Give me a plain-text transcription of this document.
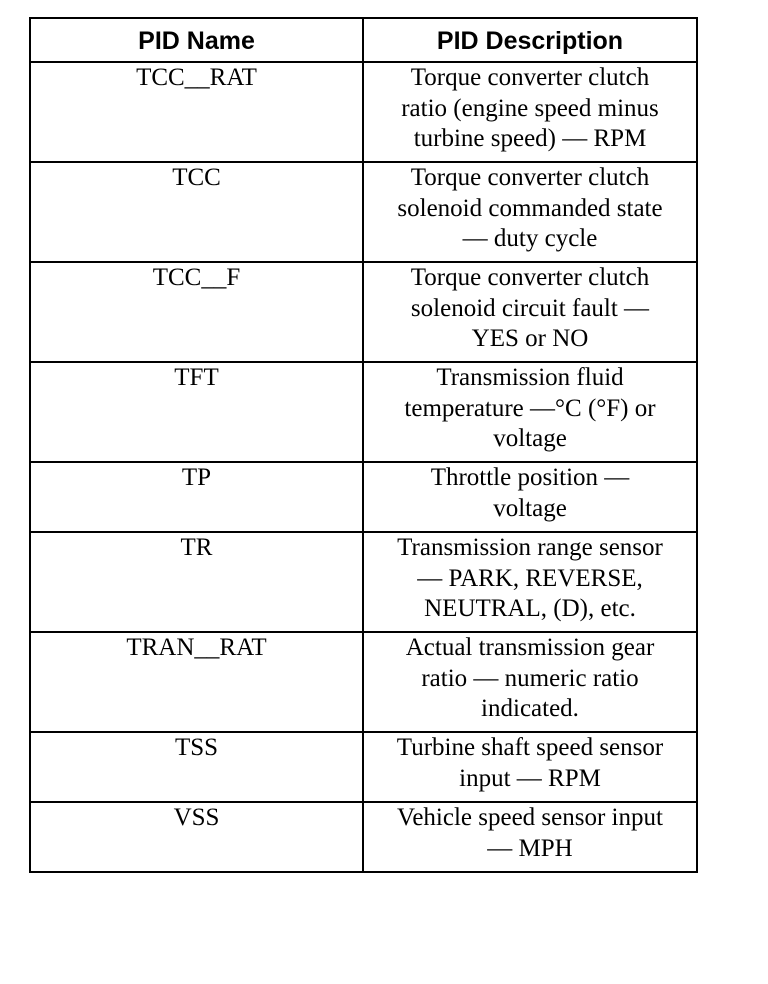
PID Name	PID Description
TCC__RAT	Torque converter clutch
ratio (engine speed minus
turbine speed) — RPM

TCC	Torque converter clutch
solenoid commanded state
— duty cycle

TCC__F	Torque converter clutch
solenoid circuit fault —
YES or NO

TFT	Transmission fluid
temperature —°C (°F) or
voltage

TP	Throttle position —
voltage

TR	Transmission range sensor
— PARK, REVERSE,
NEUTRAL, (D), etc.

TRAN__RAT	Actual transmission gear
ratio — numeric ratio
indicated.

TSS	Turbine shaft speed sensor
input — RPM

VSS	Vehicle speed sensor input
— MPH
